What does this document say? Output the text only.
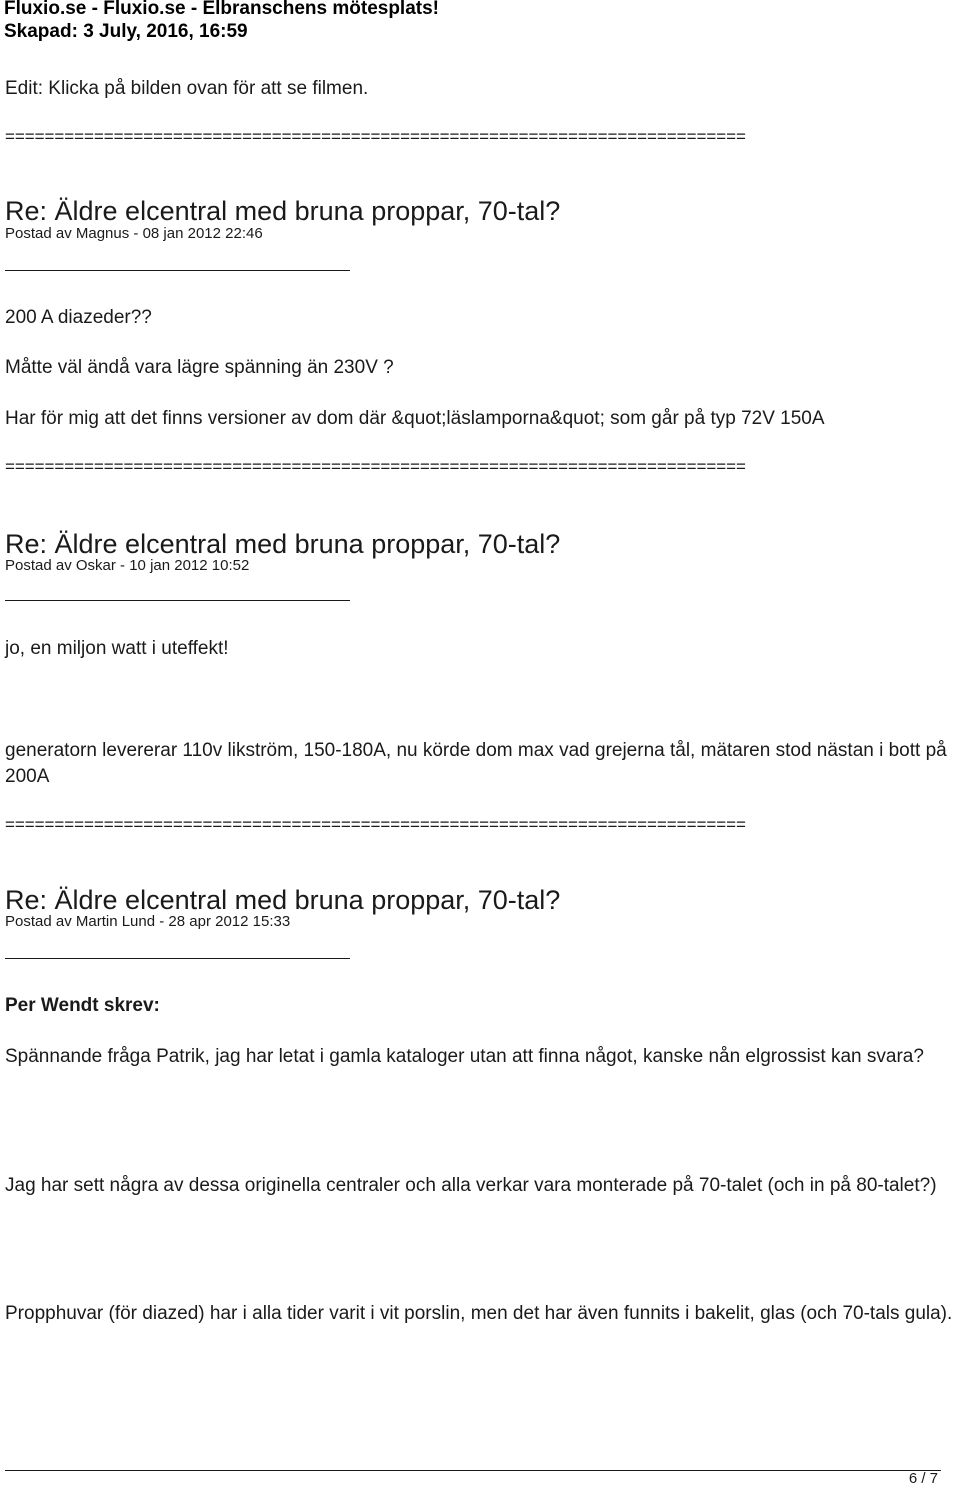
Fluxio.se - Fluxio.se - Elbranschens mötesplats!
Skapad: 3 July, 2016, 16:59
Edit: Klicka på bilden ovan för att se filmen.
===========================================================================
Re: Äldre elcentral med bruna proppar, 70-tal?
Postad av Magnus - 08 jan 2012 22:46
200 A diazeder??
Måtte väl ändå vara lägre spänning än 230V ?
Har för mig att det finns versioner av dom där &quot;läslamporna&quot; som går på typ 72V 150A
===========================================================================
Re: Äldre elcentral med bruna proppar, 70-tal?
Postad av Oskar - 10 jan 2012 10:52
jo, en miljon watt i uteffekt!
generatorn levererar 110v likström, 150-180A, nu körde dom max vad grejerna tål, mätaren stod nästan i bott på 200A
===========================================================================
Re: Äldre elcentral med bruna proppar, 70-tal?
Postad av Martin Lund - 28 apr 2012 15:33
Per Wendt skrev:
Spännande fråga Patrik, jag har letat i gamla kataloger utan att finna något, kanske nån elgrossist kan svara?
Jag har sett några av dessa originella centraler och alla verkar vara monterade på 70-talet (och in på 80-talet?)
Propphuvar (för diazed) har i alla tider varit i vit porslin, men det har även funnits i bakelit, glas (och 70-tals gula).
6 / 7
